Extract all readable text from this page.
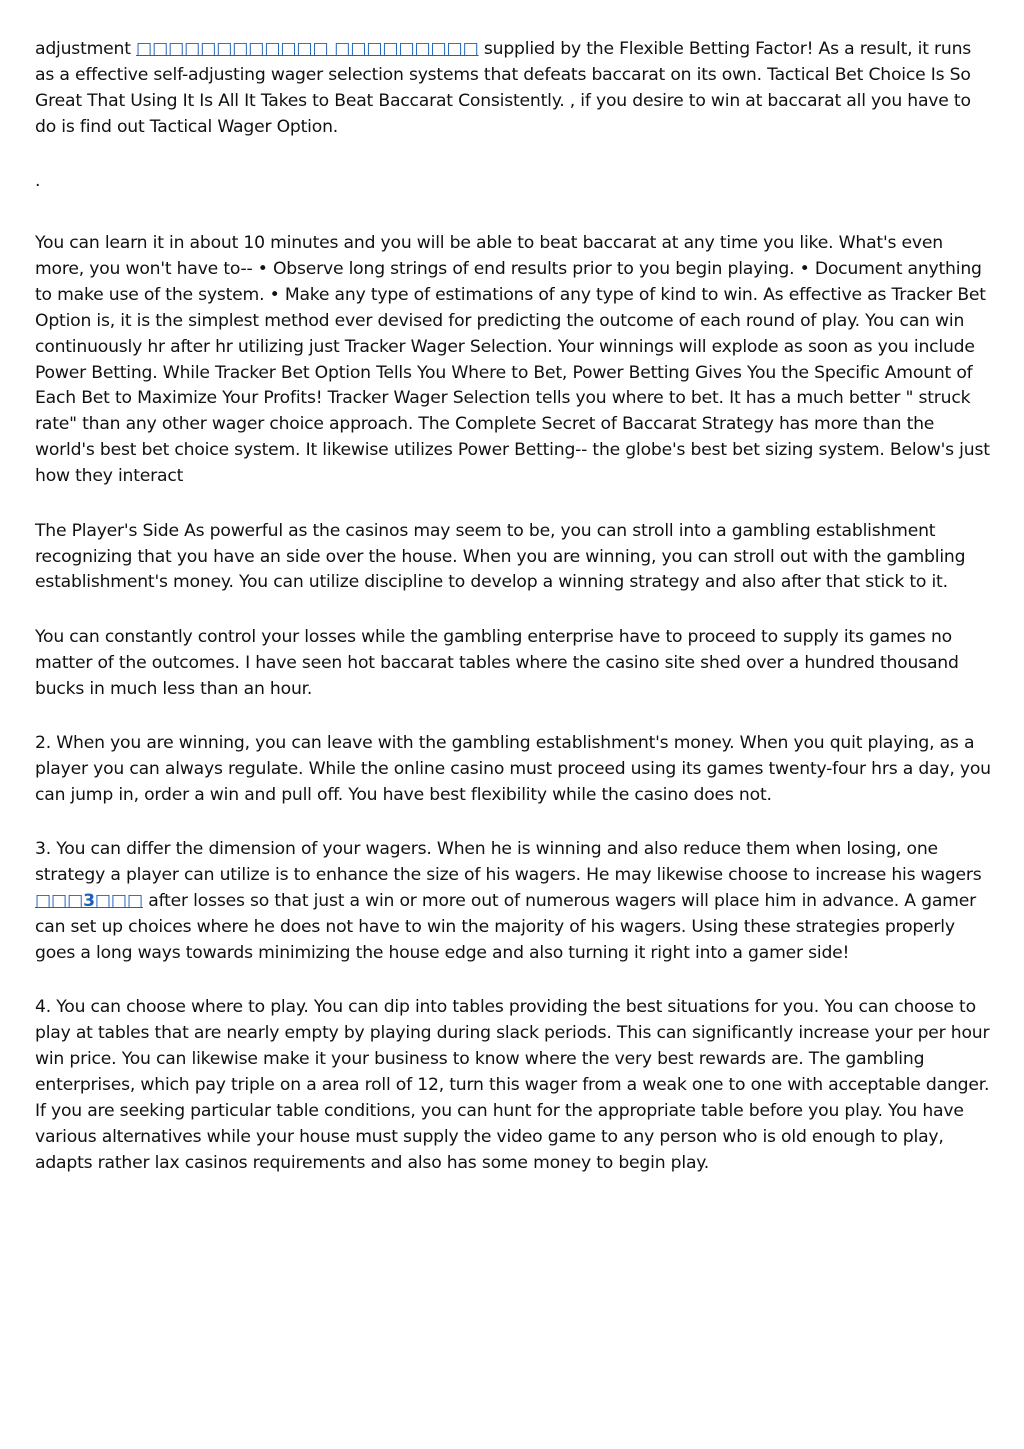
adjustment □□□□□□□□□□□□ □□□□□□□□□ supplied by the Flexible Betting Factor! As a result, it runs as a effective self-adjusting wager selection systems that defeats baccarat on its own. Tactical Bet Choice Is So Great That Using It Is All It Takes to Beat Baccarat Consistently. , if you desire to win at baccarat all you have to do is find out Tactical Wager Option.

.

You can learn it in about 10 minutes and you will be able to beat baccarat at any time you like. What's even more, you won't have to-- • Observe long strings of end results prior to you begin playing. • Document anything to make use of the system. • Make any type of estimations of any type of kind to win. As effective as Tracker Bet Option is, it is the simplest method ever devised for predicting the outcome of each round of play. You can win continuously hr after hr utilizing just Tracker Wager Selection. Your winnings will explode as soon as you include Power Betting. While Tracker Bet Option Tells You Where to Bet, Power Betting Gives You the Specific Amount of Each Bet to Maximize Your Profits! Tracker Wager Selection tells you where to bet. It has a much better " struck rate" than any other wager choice approach. The Complete Secret of Baccarat Strategy has more than the world's best bet choice system. It likewise utilizes Power Betting-- the globe's best bet sizing system. Below's just how they interact

The Player's Side As powerful as the casinos may seem to be, you can stroll into a gambling establishment recognizing that you have an side over the house. When you are winning, you can stroll out with the gambling establishment's money. You can utilize discipline to develop a winning strategy and also after that stick to it.

You can constantly control your losses while the gambling enterprise have to proceed to supply its games no matter of the outcomes. I have seen hot baccarat tables where the casino site shed over a hundred thousand bucks in much less than an hour.

2. When you are winning, you can leave with the gambling establishment's money. When you quit playing, as a player you can always regulate. While the online casino must proceed using its games twenty-four hrs a day, you can jump in, order a win and pull off. You have best flexibility while the casino does not.

3. You can differ the dimension of your wagers. When he is winning and also reduce them when losing, one strategy a player can utilize is to enhance the size of his wagers. He may likewise choose to increase his wagers □□□3□□□ after losses so that just a win or more out of numerous wagers will place him in advance. A gamer can set up choices where he does not have to win the majority of his wagers. Using these strategies properly goes a long ways towards minimizing the house edge and also turning it right into a gamer side!

4. You can choose where to play. You can dip into tables providing the best situations for you. You can choose to play at tables that are nearly empty by playing during slack periods. This can significantly increase your per hour win price. You can likewise make it your business to know where the very best rewards are. The gambling enterprises, which pay triple on a area roll of 12, turn this wager from a weak one to one with acceptable danger. If you are seeking particular table conditions, you can hunt for the appropriate table before you play. You have various alternatives while your house must supply the video game to any person who is old enough to play, adapts rather lax casinos requirements and also has some money to begin play.
